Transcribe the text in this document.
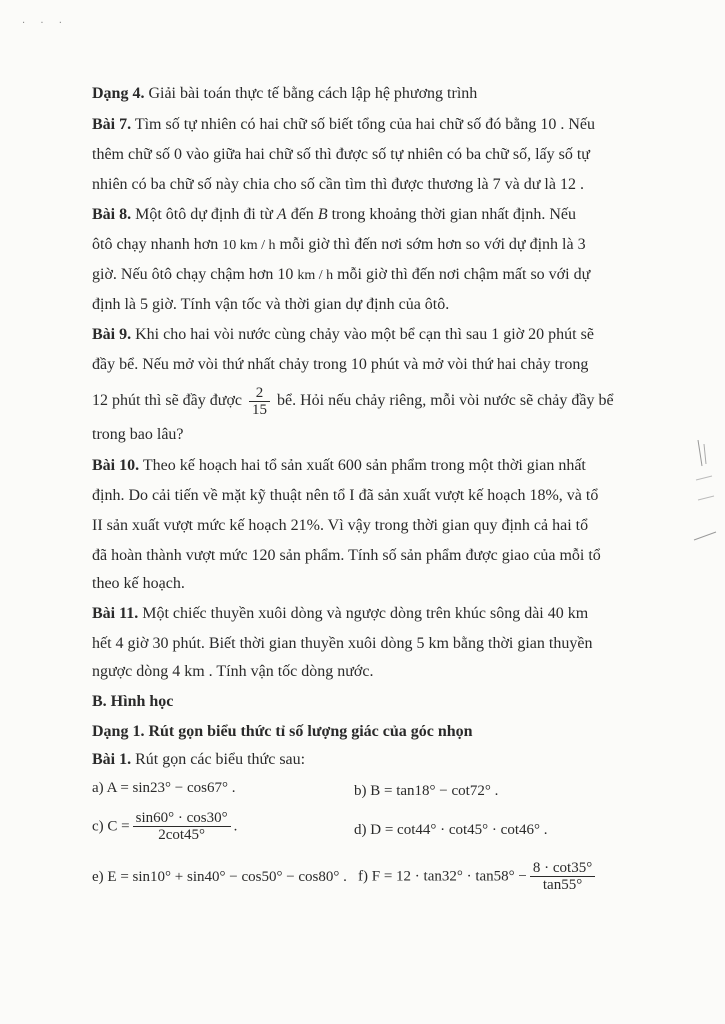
Dạng 4. Giải bài toán thực tế bằng cách lập hệ phương trình
Bài 7. Tìm số tự nhiên có hai chữ số biết tổng của hai chữ số đó bằng 10 . Nếu
thêm chữ số 0 vào giữa hai chữ số thì được số tự nhiên có ba chữ số, lấy số tự
nhiên có ba chữ số này chia cho số cần tìm thì được thương là 7 và dư là 12 .
Bài 8. Một ôtô dự định đi từ A đến B trong khoảng thời gian nhất định. Nếu
ôtô chạy nhanh hơn 10 km / h mỗi giờ thì đến nơi sớm hơn so với dự định là 3
giờ. Nếu ôtô chạy chậm hơn 10 km / h mỗi giờ thì đến nơi chậm mất so với dự
định là 5 giờ. Tính vận tốc và thời gian dự định của ôtô.
Bài 9. Khi cho hai vòi nước cùng chảy vào một bể cạn thì sau 1 giờ 20 phút sẽ
đầy bể. Nếu mở vòi thứ nhất chảy trong 10 phút và mở vòi thứ hai chảy trong
12 phút thì sẽ đầy được $\frac{2}{15}$ bể. Hỏi nếu chảy riêng, mỗi vòi nước sẽ chảy đầy bể
trong bao lâu?
Bài 10. Theo kế hoạch hai tổ sản xuất 600 sản phẩm trong một thời gian nhất
định. Do cải tiến về mặt kỹ thuật nên tổ I đã sản xuất vượt kế hoạch 18%, và tổ
II sản xuất vượt mức kế hoạch 21%. Vì vậy trong thời gian quy định cả hai tổ
đã hoàn thành vượt mức 120 sản phẩm. Tính số sản phẩm được giao của mỗi tổ
theo kế hoạch.
Bài 11. Một chiếc thuyền xuôi dòng và ngược dòng trên khúc sông dài 40 km
hết 4 giờ 30 phút. Biết thời gian thuyền xuôi dòng 5 km bằng thời gian thuyền
ngược dòng 4 km . Tính vận tốc dòng nước.
B. Hình học
Dạng 1. Rút gọn biểu thức tỉ số lượng giác của góc nhọn
Bài 1. Rút gọn các biểu thức sau:
a) A = sin23° − cos67° .	b) B = tan18° − cot72° .
c) $C = \frac{\sin 60^\circ \cdot \cos 30^\circ}{2\cot 45^\circ}$ .	d) D = cot44° · cot45° · cot46° .
e) E = sin10° + sin40° − cos50° − cos80° . f) $F = 12 \cdot \tan 32^\circ \cdot \tan 58^\circ - \frac{8 \cdot \cot 35^\circ}{\tan 55^\circ}$
· · ·
